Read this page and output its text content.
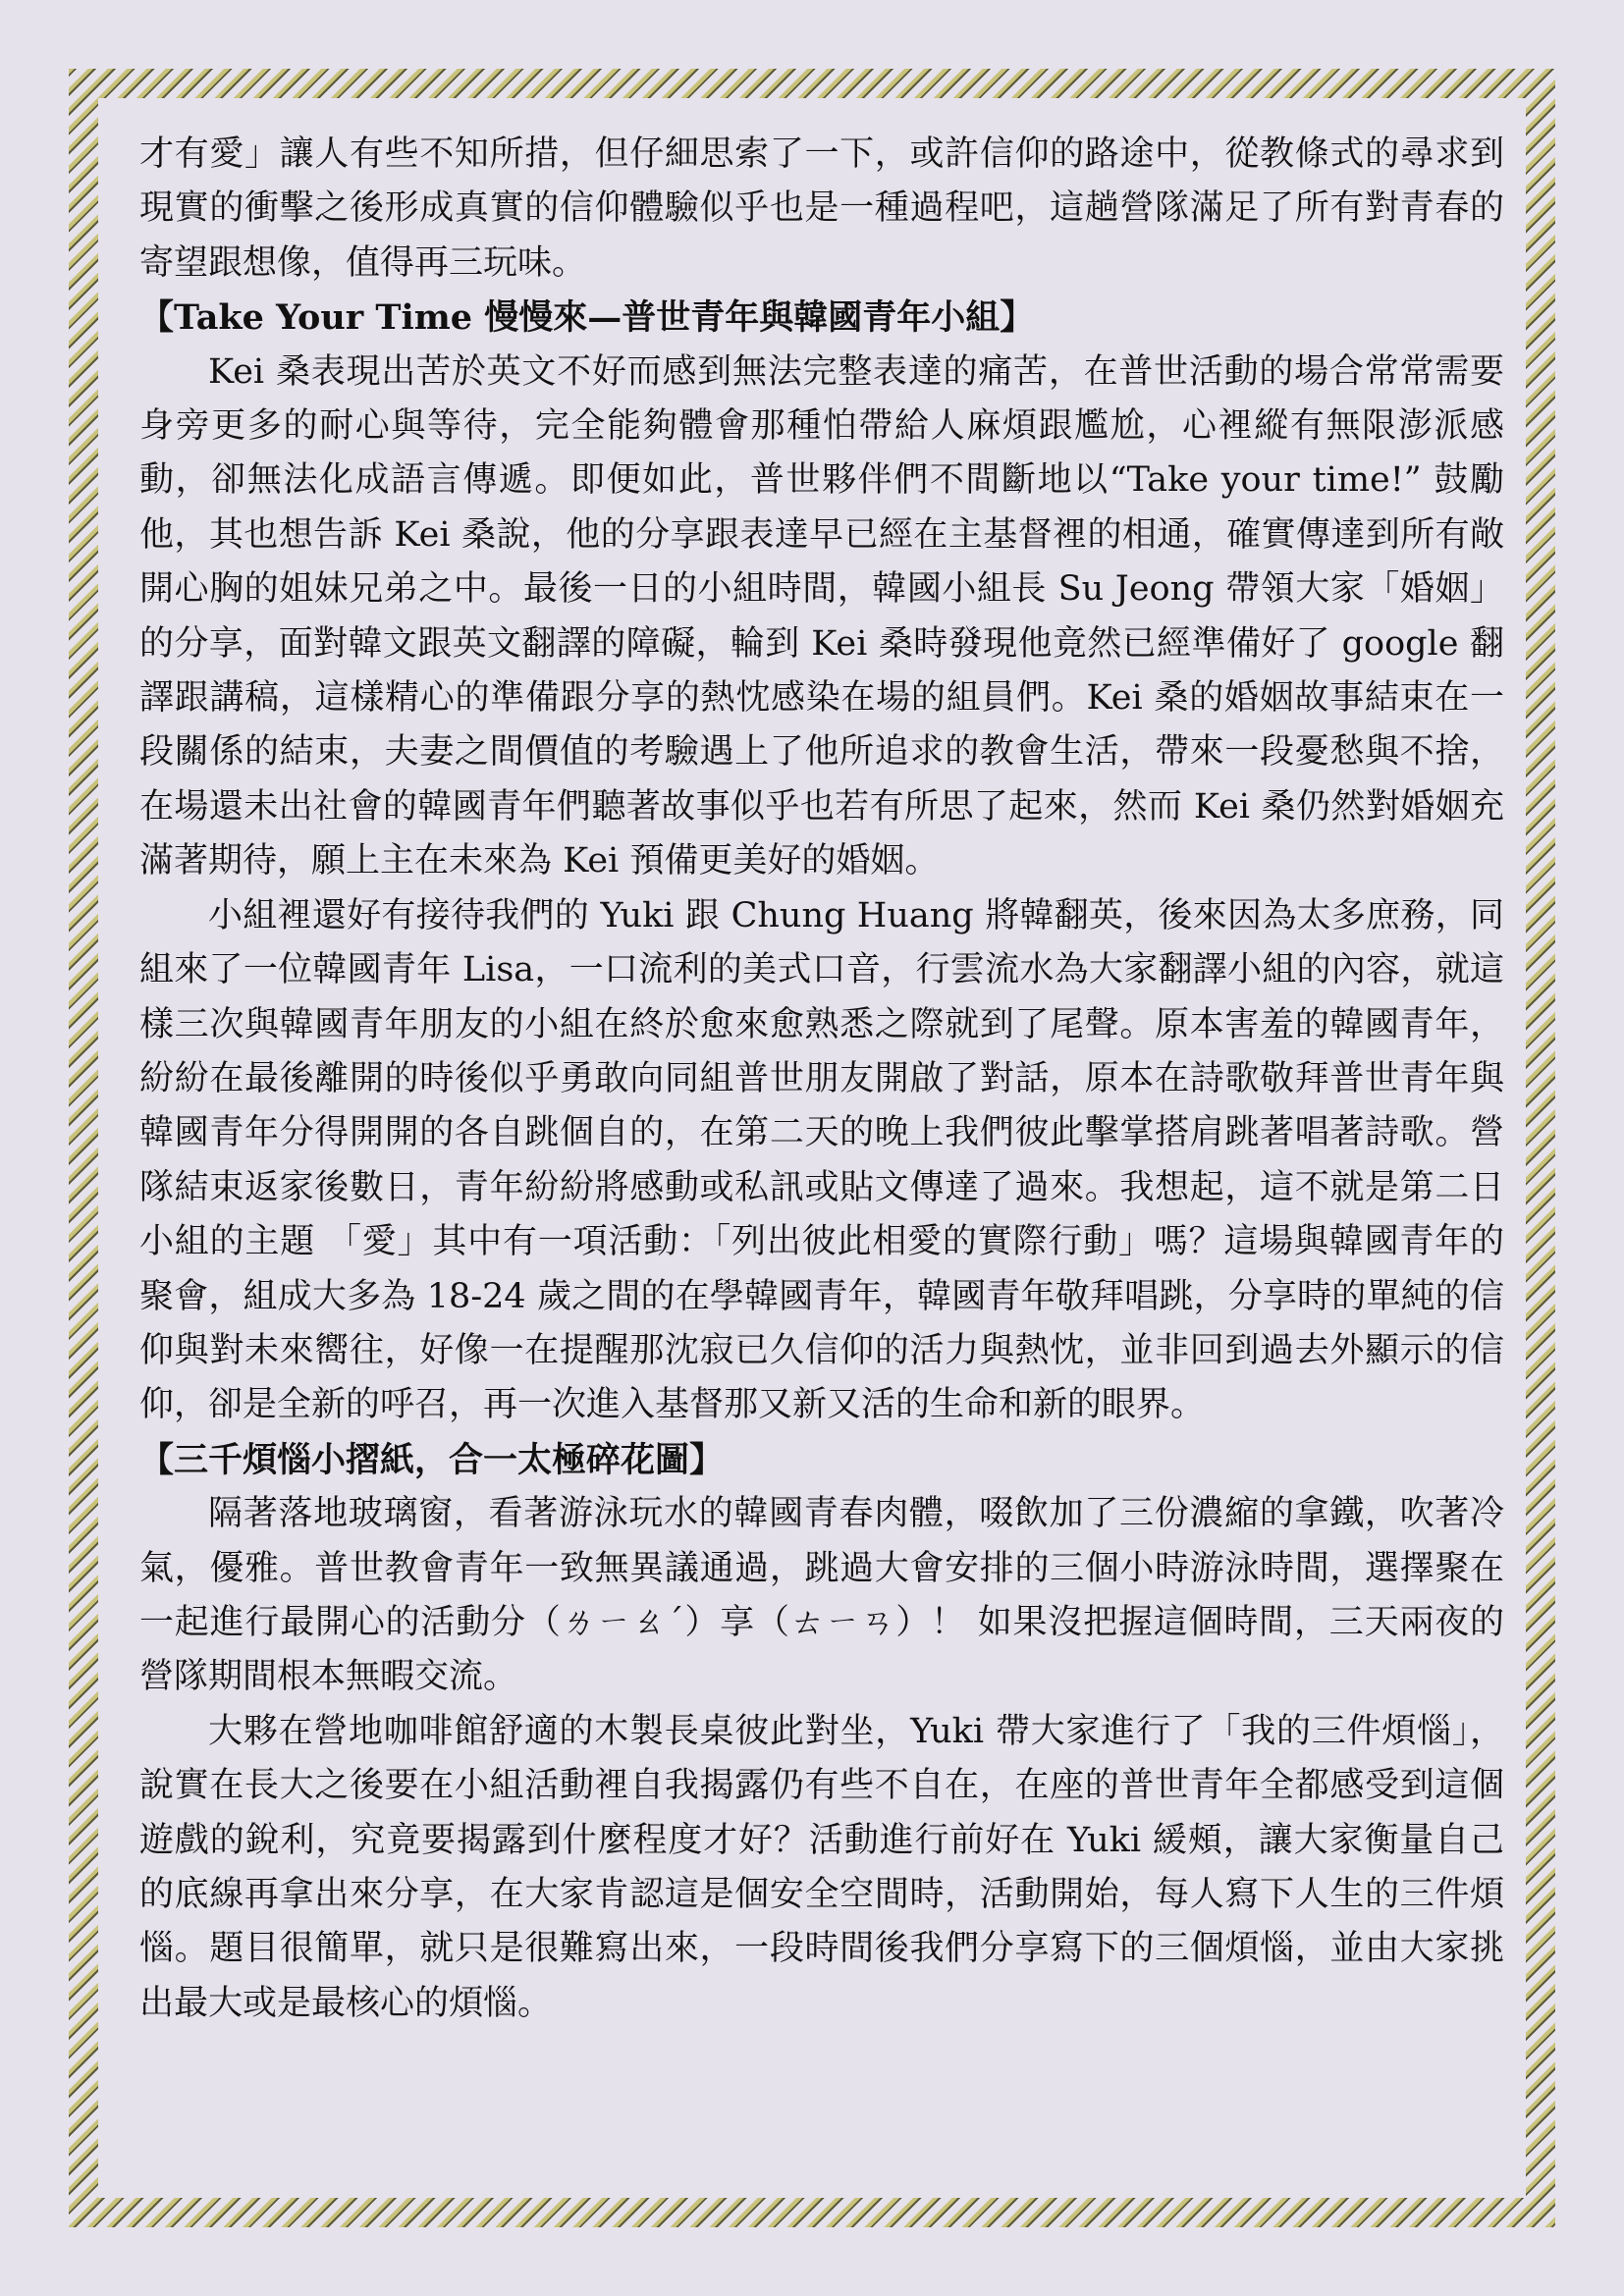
才有愛」讓人有些不知所措，但仔細思索了一下，或許信仰的路途中，從教條式的尋求到現實的衝擊之後形成真實的信仰體驗似乎也是一種過程吧，這趟營隊滿足了所有對青春的寄望跟想像，值得再三玩味。

【Take Your Time 慢慢來—普世青年與韓國青年小組】

Kei 桑表現出苦於英文不好而感到無法完整表達的痛苦，在普世活動的場合常常需要身旁更多的耐心與等待，完全能夠體會那種怕帶給人麻煩跟尷尬，心裡縱有無限澎派感動，卻無法化成語言傳遞。即便如此，普世夥伴們不間斷地以“Take your time!” 鼓勵他，其也想告訴 Kei 桑說，他的分享跟表達早已經在主基督裡的相通，確實傳達到所有敞開心胸的姐妹兄弟之中。最後一日的小組時間，韓國小組長 Su Jeong 帶領大家「婚姻」的分享，面對韓文跟英文翻譯的障礙，輪到 Kei 桑時發現他竟然已經準備好了 google 翻譯跟講稿，這樣精心的準備跟分享的熱忱感染在場的組員們。Kei 桑的婚姻故事結束在一段關係的結束，夫妻之間價值的考驗遇上了他所追求的教會生活，帶來一段憂愁與不捨，在場還未出社會的韓國青年們聽著故事似乎也若有所思了起來，然而 Kei 桑仍然對婚姻充滿著期待，願上主在未來為 Kei 預備更美好的婚姻。

小組裡還好有接待我們的 Yuki 跟 Chung Huang 將韓翻英，後來因為太多庶務，同組來了一位韓國青年 Lisa，一口流利的美式口音，行雲流水為大家翻譯小組的內容，就這樣三次與韓國青年朋友的小組在終於愈來愈熟悉之際就到了尾聲。原本害羞的韓國青年，紛紛在最後離開的時後似乎勇敢向同組普世朋友開啟了對話，原本在詩歌敬拜普世青年與韓國青年分得開開的各自跳個自的，在第二天的晚上我們彼此擊掌搭肩跳著唱著詩歌。營隊結束返家後數日，青年紛紛將感動或私訊或貼文傳達了過來。我想起，這不就是第二日小組的主題 「愛」其中有一項活動：「列出彼此相愛的實際行動」嗎？這場與韓國青年的聚會，組成大多為 18-24 歲之間的在學韓國青年，韓國青年敬拜唱跳，分享時的單純的信仰與對未來嚮往，好像一在提醒那沈寂已久信仰的活力與熱忱，並非回到過去外顯示的信仰，卻是全新的呼召，再一次進入基督那又新又活的生命和新的眼界。

【三千煩惱小摺紙，合一太極碎花圖】

隔著落地玻璃窗，看著游泳玩水的韓國青春肉體，啜飲加了三份濃縮的拿鐵，吹著冷氣，優雅。普世教會青年一致無異議通過，跳過大會安排的三個小時游泳時間，選擇聚在一起進行最開心的活動分（ㄌㄧㄠˊ）享（ㄊㄧㄢ）！ 如果沒把握這個時間，三天兩夜的營隊期間根本無暇交流。

大夥在營地咖啡館舒適的木製長桌彼此對坐，Yuki 帶大家進行了「我的三件煩惱」，說實在長大之後要在小組活動裡自我揭露仍有些不自在，在座的普世青年全都感受到這個遊戲的銳利，究竟要揭露到什麼程度才好？活動進行前好在 Yuki 緩頰，讓大家衡量自己的底線再拿出來分享，在大家肯認這是個安全空間時，活動開始，每人寫下人生的三件煩惱。題目很簡單，就只是很難寫出來，一段時間後我們分享寫下的三個煩惱，並由大家挑出最大或是最核心的煩惱。
